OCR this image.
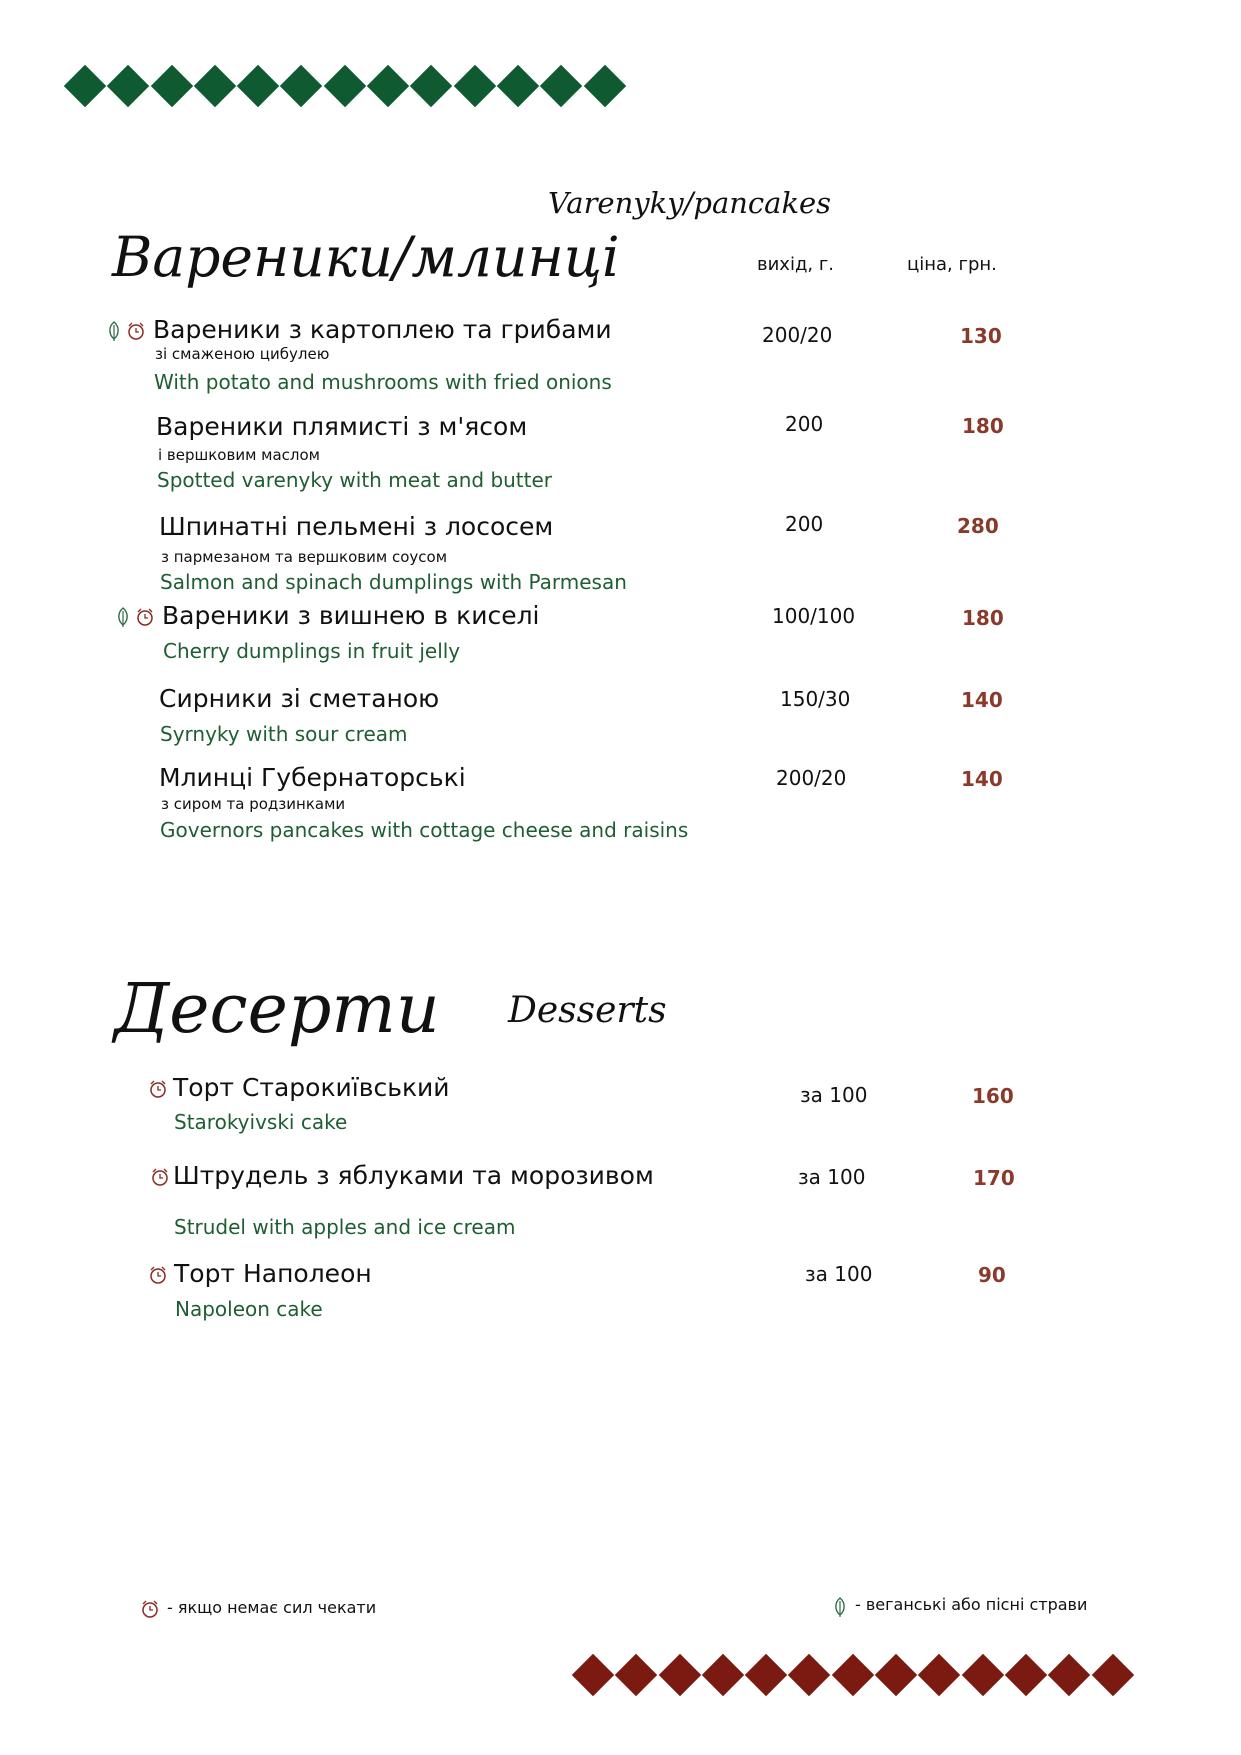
Varenyky/pancakes
Вареники/млинці	вихід, г.	ціна, грн.
Вареники з картоплею та грибами
зі смаженою цибулею
With potato and mushrooms with fried onions
200/20	130
Вареники плямисті з м'ясом
і вершковим маслом
Spotted varenyky with meat and butter
200	180
Шпинатні пельмені з лососем
з пармезаном та вершковим соусом
Salmon and spinach dumplings with Parmesan
200	280
Вареники з вишнею в киселі
Cherry dumplings in fruit jelly
100/100	180
Сирники зі сметаною
Syrnyky with sour cream
150/30	140
Млинці Губернаторські
з сиром та родзинками
Governors pancakes with cottage cheese and raisins
200/20	140
Десерти Desserts
Торт Старокиївський
Starokyivski cake
за 100	160
Штрудель з яблуками та морозивом
Strudel with apples and ice cream
за 100	170
Торт Наполеон
Napoleon cake
за 100	90
- якщо немає сил чекати	- веганські або пісні страви
